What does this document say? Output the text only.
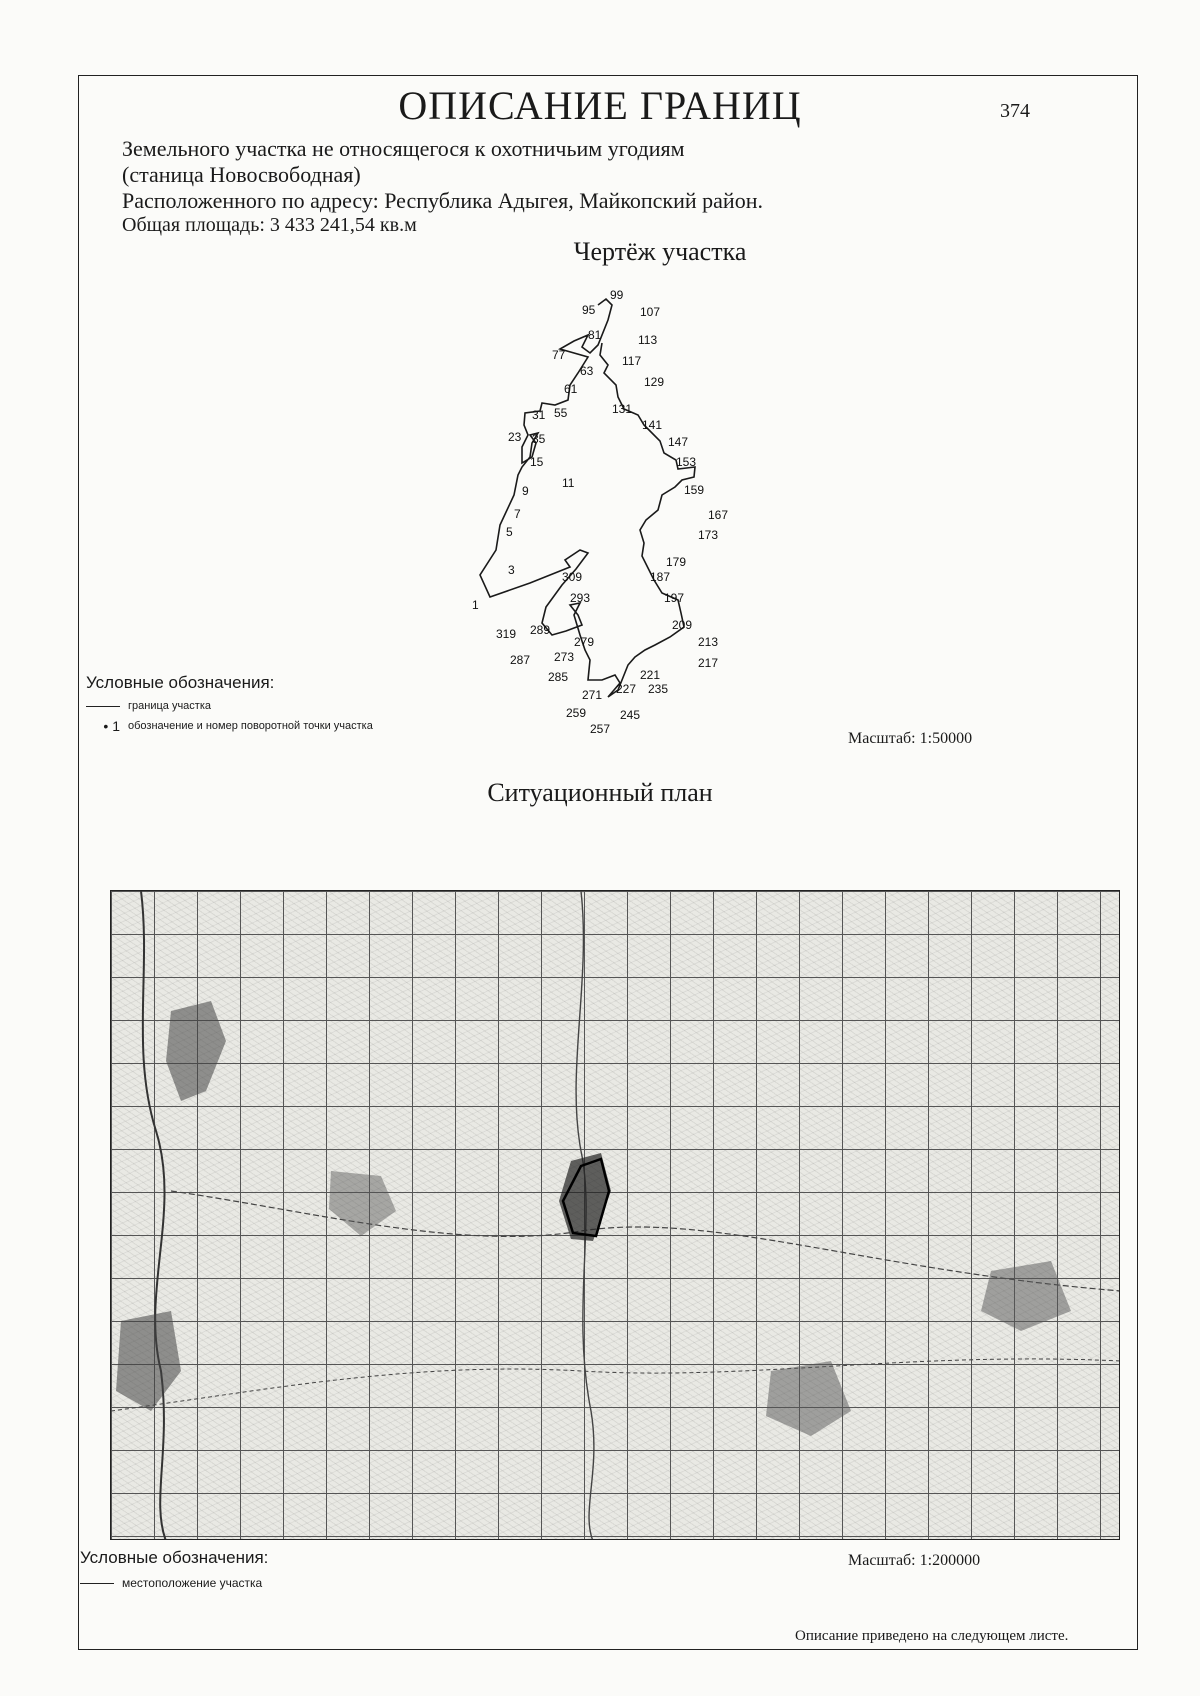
ОПИСАНИЕ ГРАНИЦ	374
Земельного участка не относящегося к охотничьим угодиям
(станица Новосвободная)
Расположенного по адресу: Республика Адыгея, Майкопский район.
Общая площадь: 3 433 241,54 кв.м
Чертёж участка
99
95	107
81	113
77
63
117
61	129
131
31 55
141
23 35	147
15	153
11
9	159
7	167
5	173
179
3	309	187
293	197
1
319 289	209
279	213
287 273	217
285	221
227 235
271
259	245
257
Условные обозначения:
граница участка
• 1 обозначение и номер поворотной точки участка
Масштаб: 1:50000
Ситуационный план
Условные обозначения:
местоположение участка
Масштаб: 1:200000
Описание приведено на следующем листе.
